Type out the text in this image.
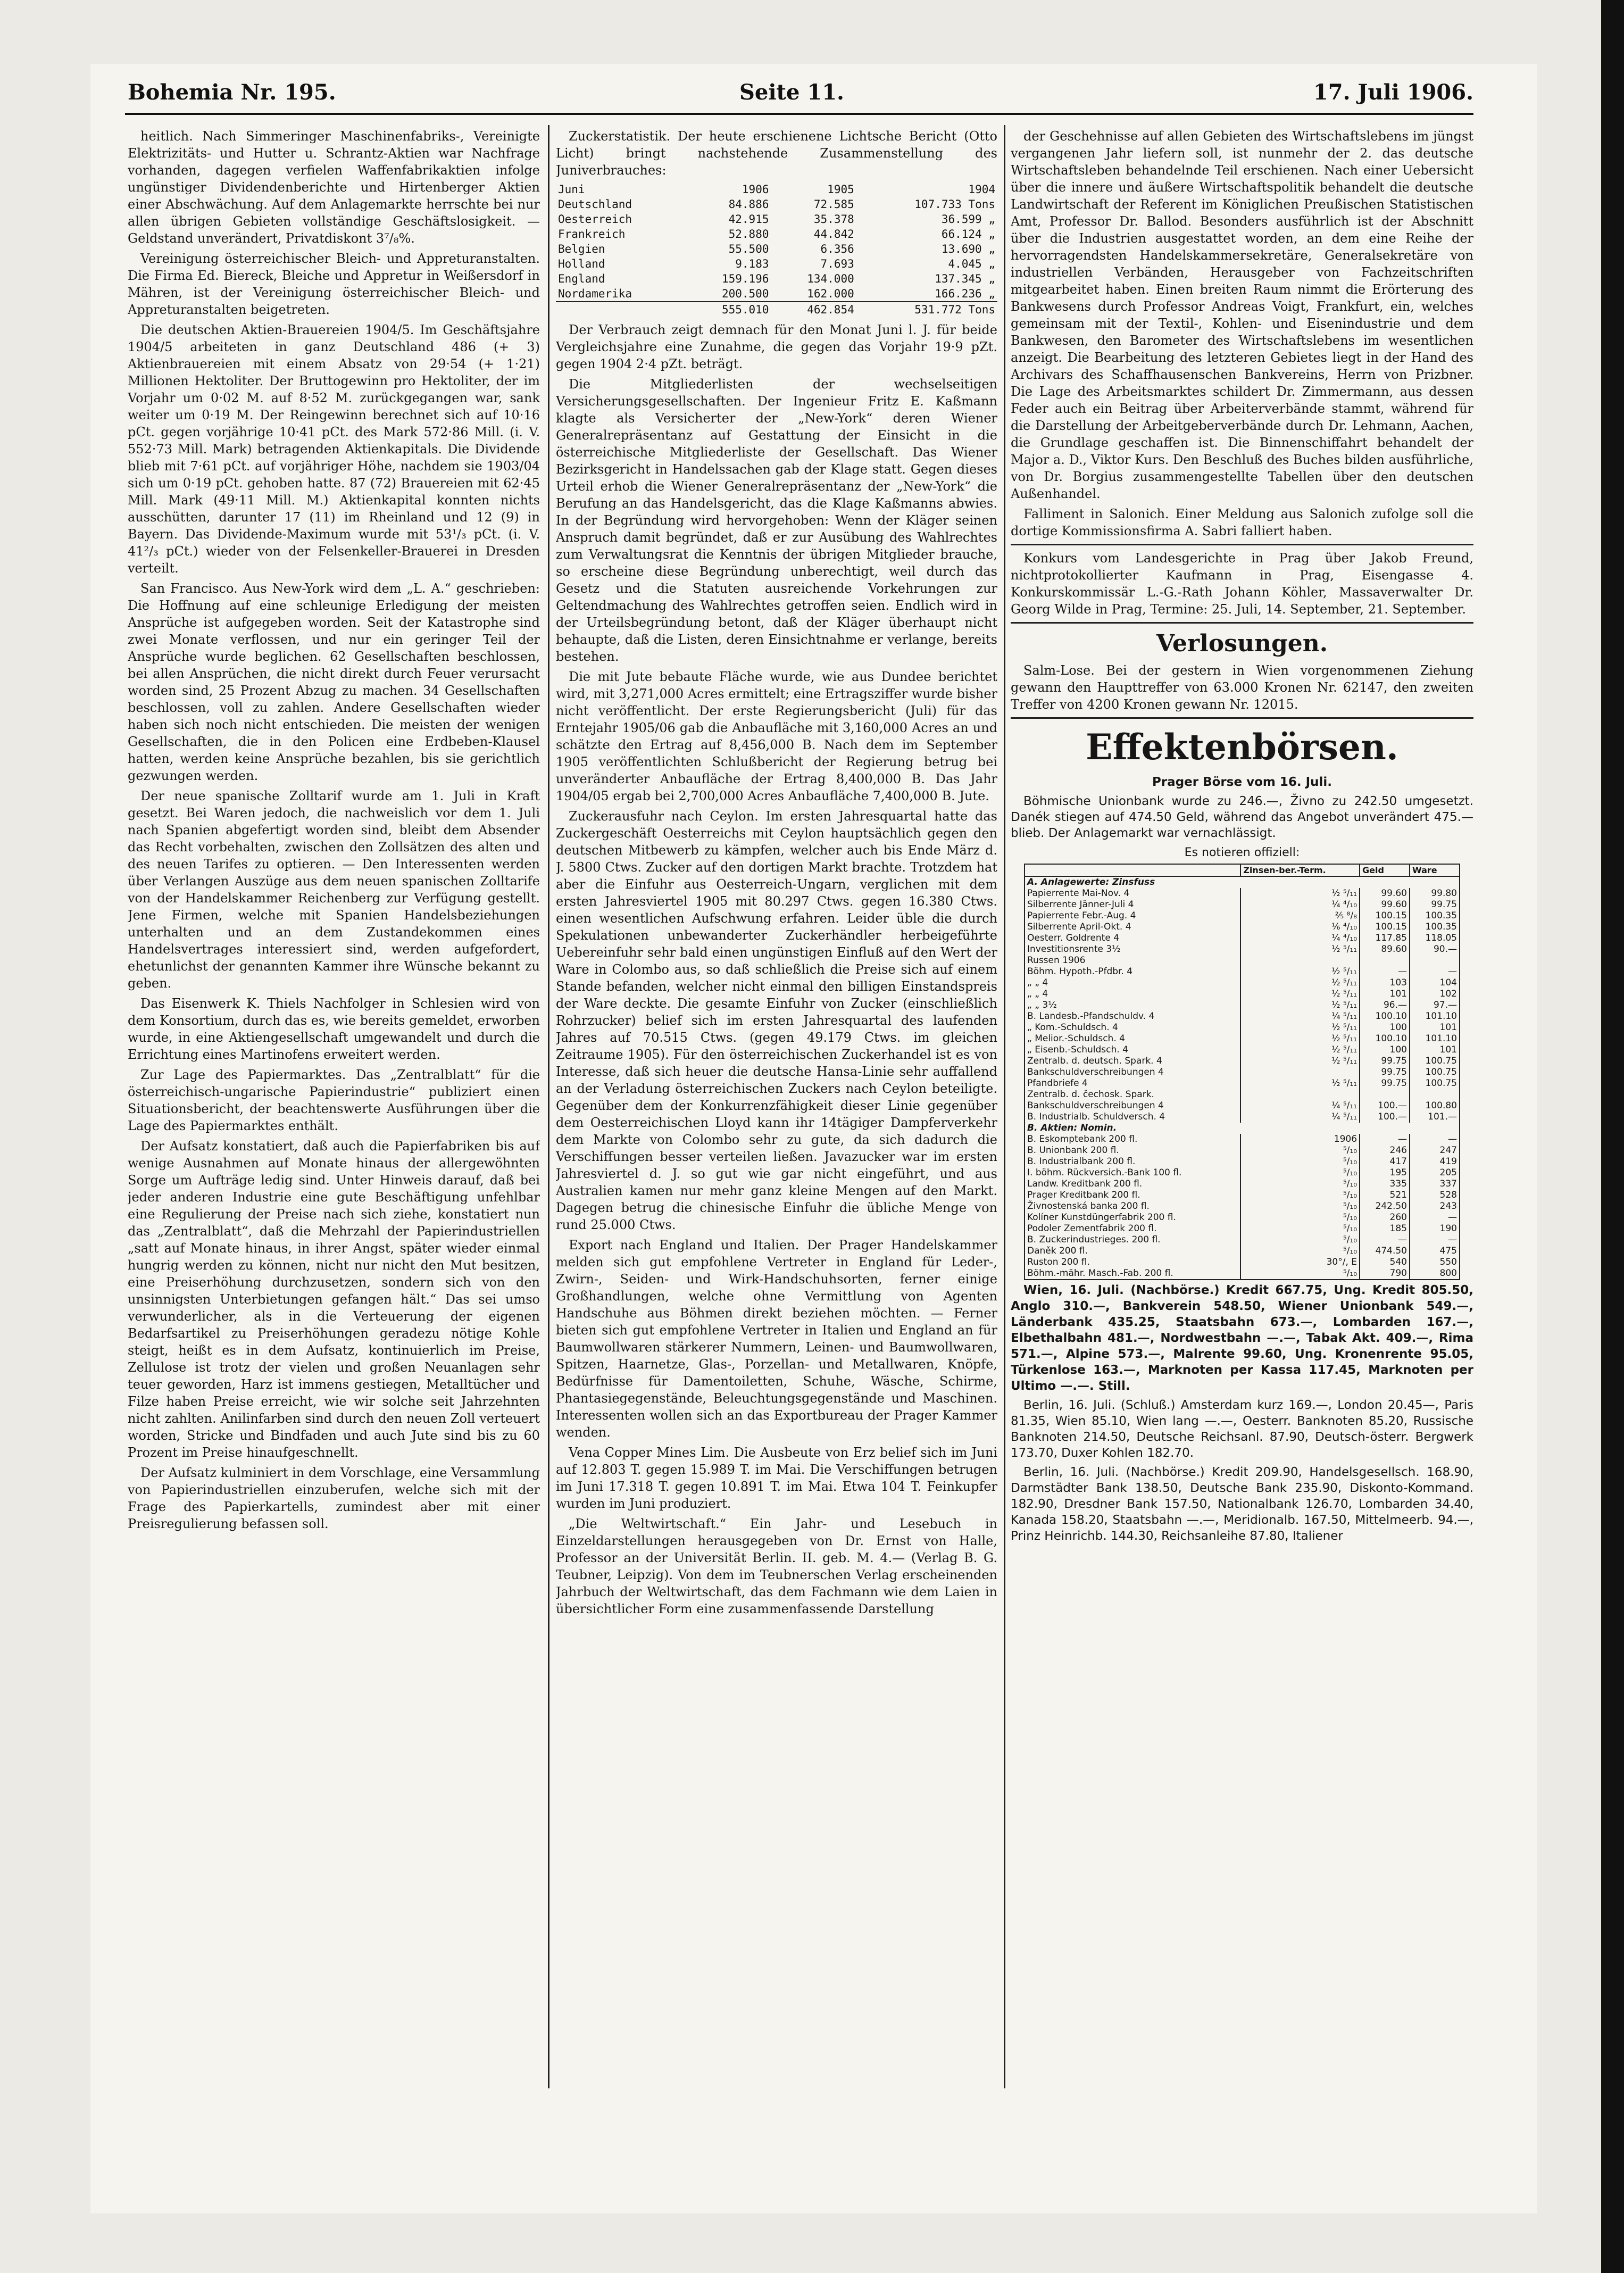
Bohemia Nr. 195.	Seite 11.	17. Juli 1906.

heitlich. Nach Simmeringer Maschinenfabriks-, Vereinigte Elektrizitäts- und Hutter u. Schrantz-Aktien war Nachfrage vorhanden, dagegen verfielen Waffenfabrikaktien infolge ungünstiger Dividendenberichte und Hirtenberger Aktien einer Abschwächung. Auf dem Anlagemarkte herrschte bei nur allen übrigen Gebieten vollständige Geschäftslosigkeit. — Geldstand unverändert, Privatdiskont 3⁷/₈%.

Vereinigung österreichischer Bleich- und Appreturanstalten. Die Firma Ed. Biereck, Bleiche und Appretur in Weißersdorf in Mähren, ist der Vereinigung österreichischer Bleich- und Appreturanstalten beigetreten.

Die deutschen Aktien-Brauereien 1904/5. Im Geschäftsjahre 1904/5 arbeiteten in ganz Deutschland 486 (+ 3) Aktienbrauereien mit einem Absatz von 29·54 (+ 1·21) Millionen Hektoliter. Der Bruttogewinn pro Hektoliter, der im Vorjahr um 0·02 M. auf 8·52 M. zurückgegangen war, sank weiter um 0·19 M. Der Reingewinn berechnet sich auf 10·16 pCt. gegen vorjährige 10·41 pCt. des Mark 572·86 Mill. (i. V. 552·73 Mill. Mark) betragenden Aktienkapitals. Die Dividende blieb mit 7·61 pCt. auf vorjähriger Höhe, nachdem sie 1903/04 sich um 0·19 pCt. gehoben hatte. 87 (72) Brauereien mit 62·45 Mill. Mark (49·11 Mill. M.) Aktienkapital konnten nichts ausschütten, darunter 17 (11) im Rheinland und 12 (9) in Bayern. Das Dividende-Maximum wurde mit 53¹/₃ pCt. (i. V. 41²/₃ pCt.) wieder von der Felsenkeller-Brauerei in Dresden verteilt.

San Francisco. Aus New-York wird dem „L. A.“ geschrieben: Die Hoffnung auf eine schleunige Erledigung der meisten Ansprüche ist aufgegeben worden. Seit der Katastrophe sind zwei Monate verflossen, und nur ein geringer Teil der Ansprüche wurde beglichen. 62 Gesellschaften beschlossen, bei allen Ansprüchen, die nicht direkt durch Feuer verursacht worden sind, 25 Prozent Abzug zu machen. 34 Gesellschaften beschlossen, voll zu zahlen. Andere Gesellschaften wieder haben sich noch nicht entschieden. Die meisten der wenigen Gesellschaften, die in den Policen eine Erdbeben-Klausel hatten, werden keine Ansprüche bezahlen, bis sie gerichtlich gezwungen werden.

Der neue spanische Zolltarif wurde am 1. Juli in Kraft gesetzt. Bei Waren jedoch, die nachweislich vor dem 1. Juli nach Spanien abgefertigt worden sind, bleibt dem Absender das Recht vorbehalten, zwischen den Zollsätzen des alten und des neuen Tarifes zu optieren. — Den Interessenten werden über Verlangen Auszüge aus dem neuen spanischen Zolltarife von der Handelskammer Reichenberg zur Verfügung gestellt. Jene Firmen, welche mit Spanien Handelsbeziehungen unterhalten und an dem Zustandekommen eines Handelsvertrages interessiert sind, werden aufgefordert, ehetunlichst der genannten Kammer ihre Wünsche bekannt zu geben.

Das Eisenwerk K. Thiels Nachfolger in Schlesien wird von dem Konsortium, durch das es, wie bereits gemeldet, erworben wurde, in eine Aktiengesellschaft umgewandelt und durch die Errichtung eines Martinofens erweitert werden.

Zur Lage des Papiermarktes. Das „Zentralblatt“ für die österreichisch-ungarische Papierindustrie“ publiziert einen Situationsbericht, der beachtenswerte Ausführungen über die Lage des Papiermarktes enthält.

Der Aufsatz konstatiert, daß auch die Papierfabriken bis auf wenige Ausnahmen auf Monate hinaus der allergewöhnten Sorge um Aufträge ledig sind. Unter Hinweis darauf, daß bei jeder anderen Industrie eine gute Beschäftigung unfehlbar eine Regulierung der Preise nach sich ziehe, konstatiert nun das „Zentralblatt“, daß die Mehrzahl der Papierindustriellen „satt auf Monate hinaus, in ihrer Angst, später wieder einmal hungrig werden zu können, nicht nur nicht den Mut besitzen, eine Preiserhöhung durchzusetzen, sondern sich von den unsinnigsten Unterbietungen gefangen hält.“ Das sei umso verwunderlicher, als in die Verteuerung der eigenen Bedarfsartikel zu Preiserhöhungen geradezu nötige Kohle steigt, heißt es in dem Aufsatz, kontinuierlich im Preise, Zellulose ist trotz der vielen und großen Neuanlagen sehr teuer geworden, Harz ist immens gestiegen, Metalltücher und Filze haben Preise erreicht, wie wir solche seit Jahrzehnten nicht zahlten. Anilinfarben sind durch den neuen Zoll verteuert worden, Stricke und Bindfaden und auch Jute sind bis zu 60 Prozent im Preise hinaufgeschnellt.

Der Aufsatz kulminiert in dem Vorschlage, eine Versammlung von Papierindustriellen einzuberufen, welche sich mit der Frage des Papierkartells, zumindest aber mit einer Preisregulierung befassen soll.

Zuckerstatistik. Der heute erschienene Lichtsche Bericht (Otto Licht) bringt nachstehende Zusammenstellung des Juniverbrauches:

Juni	1906	1905	1904
Deutschland	84.886	72.585	107.733 Tons
Oesterreich	42.915	35.378	36.599 „
Frankreich	52.880	44.842	66.124 „
Belgien	55.500	6.356	13.690 „
Holland	9.183	7.693	4.045 „
England	159.196	134.000	137.345 „
Nordamerika	200.500	162.000	166.236 „
	555.010	462.854	531.772 Tons

Der Verbrauch zeigt demnach für den Monat Juni l. J. für beide Vergleichsjahre eine Zunahme, die gegen das Vorjahr 19·9 pZt. gegen 1904 2·4 pZt. beträgt.

Die Mitgliederlisten der wechselseitigen Versicherungsgesellschaften. Der Ingenieur Fritz E. Kaßmann klagte als Versicherter der „New-York“ deren Wiener Generalrepräsentanz auf Gestattung der Einsicht in die österreichische Mitgliederliste der Gesellschaft. Das Wiener Bezirksgericht in Handelssachen gab der Klage statt. Gegen dieses Urteil erhob die Wiener Generalrepräsentanz der „New-York“ die Berufung an das Handelsgericht, das die Klage Kaßmanns abwies. In der Begründung wird hervorgehoben: Wenn der Kläger seinen Anspruch damit begründet, daß er zur Ausübung des Wahlrechtes zum Verwaltungsrat die Kenntnis der übrigen Mitglieder brauche, so erscheine diese Begründung unberechtigt, weil durch das Gesetz und die Statuten ausreichende Vorkehrungen zur Geltendmachung des Wahlrechtes getroffen seien. Endlich wird in der Urteilsbegründung betont, daß der Kläger überhaupt nicht behaupte, daß die Listen, deren Einsichtnahme er verlange, bereits bestehen.

Die mit Jute bebaute Fläche wurde, wie aus Dundee berichtet wird, mit 3,271,000 Acres ermittelt; eine Ertragsziffer wurde bisher nicht veröffentlicht. Der erste Regierungsbericht (Juli) für das Erntejahr 1905/06 gab die Anbaufläche mit 3,160,000 Acres an und schätzte den Ertrag auf 8,456,000 B. Nach dem im September 1905 veröffentlichten Schlußbericht der Regierung betrug bei unveränderter Anbaufläche der Ertrag 8,400,000 B. Das Jahr 1904/05 ergab bei 2,700,000 Acres Anbaufläche 7,400,000 B. Jute.

Zuckerausfuhr nach Ceylon. Im ersten Jahresquartal hatte das Zuckergeschäft Oesterreichs mit Ceylon hauptsächlich gegen den deutschen Mitbewerb zu kämpfen, welcher auch bis Ende März d. J. 5800 Ctws. Zucker auf den dortigen Markt brachte. Trotzdem hat aber die Einfuhr aus Oesterreich-Ungarn, verglichen mit dem ersten Jahresviertel 1905 mit 80.297 Ctws. gegen 16.380 Ctws. einen wesentlichen Aufschwung erfahren. Leider üble die durch Spekulationen unbewanderter Zuckerhändler herbeigeführte Uebereinfuhr sehr bald einen ungünstigen Einfluß auf den Wert der Ware in Colombo aus, so daß schließlich die Preise sich auf einem Stande befanden, welcher nicht einmal den billigen Einstandspreis der Ware deckte. Die gesamte Einfuhr von Zucker (einschließlich Rohrzucker) belief sich im ersten Jahresquartal des laufenden Jahres auf 70.515 Ctws. (gegen 49.179 Ctws. im gleichen Zeitraume 1905). Für den österreichischen Zuckerhandel ist es von Interesse, daß sich heuer die deutsche Hansa-Linie sehr auffallend an der Verladung österreichischen Zuckers nach Ceylon beteiligte. Gegenüber dem der Konkurrenzfähigkeit dieser Linie gegenüber dem Oesterreichischen Lloyd kann ihr 14tägiger Dampferverkehr dem Markte von Colombo sehr zu gute, da sich dadurch die Verschiffungen besser verteilen ließen. Javazucker war im ersten Jahresviertel d. J. so gut wie gar nicht eingeführt, und aus Australien kamen nur mehr ganz kleine Mengen auf den Markt. Dagegen betrug die chinesische Einfuhr die übliche Menge von rund 25.000 Ctws.

Export nach England und Italien. Der Prager Handelskammer melden sich gut empfohlene Vertreter in England für Leder-, Zwirn-, Seiden- und Wirk-Handschuhsorten, ferner einige Großhandlungen, welche ohne Vermittlung von Agenten Handschuhe aus Böhmen direkt beziehen möchten. — Ferner bieten sich gut empfohlene Vertreter in Italien und England an für Baumwollwaren stärkerer Nummern, Leinen- und Baumwollwaren, Spitzen, Haarnetze, Glas-, Porzellan- und Metallwaren, Knöpfe, Bedürfnisse für Damentoiletten, Schuhe, Wäsche, Schirme, Phantasiegegenstände, Beleuchtungsgegenstände und Maschinen. Interessenten wollen sich an das Exportbureau der Prager Kammer wenden.

Vena Copper Mines Lim. Die Ausbeute von Erz belief sich im Juni auf 12.803 T. gegen 15.989 T. im Mai. Die Verschiffungen betrugen im Juni 17.318 T. gegen 10.891 T. im Mai. Etwa 104 T. Feinkupfer wurden im Juni produziert.

„Die Weltwirtschaft.“ Ein Jahr- und Lesebuch in Einzeldarstellungen herausgegeben von Dr. Ernst von Halle, Professor an der Universität Berlin. II. geb. M. 4.— (Verlag B. G. Teubner, Leipzig). Von dem im Teubnerschen Verlag erscheinenden Jahrbuch der Weltwirtschaft, das dem Fachmann wie dem Laien in übersichtlicher Form eine zusammenfassende Darstellung

der Geschehnisse auf allen Gebieten des Wirtschaftslebens im jüngst vergangenen Jahr liefern soll, ist nunmehr der 2. das deutsche Wirtschaftsleben behandelnde Teil erschienen. Nach einer Uebersicht über die innere und äußere Wirtschaftspolitik behandelt die deutsche Landwirtschaft der Referent im Königlichen Preußischen Statistischen Amt, Professor Dr. Ballod. Besonders ausführlich ist der Abschnitt über die Industrien ausgestattet worden, an dem eine Reihe der hervorragendsten Handelskammersekretäre, Generalsekretäre von industriellen Verbänden, Herausgeber von Fachzeitschriften mitgearbeitet haben. Einen breiten Raum nimmt die Erörterung des Bankwesens durch Professor Andreas Voigt, Frankfurt, ein, welches gemeinsam mit der Textil-, Kohlen- und Eisenindustrie und dem Bankwesen, den Barometer des Wirtschaftslebens im wesentlichen anzeigt. Die Bearbeitung des letzteren Gebietes liegt in der Hand des Archivars des Schaffhausenschen Bankvereins, Herrn von Prizbner. Die Lage des Arbeitsmarktes schildert Dr. Zimmermann, aus dessen Feder auch ein Beitrag über Arbeiterverbände stammt, während für die Darstellung der Arbeitgeberverbände durch Dr. Lehmann, Aachen, die Grundlage geschaffen ist. Die Binnenschiffahrt behandelt der Major a. D., Viktor Kurs. Den Beschluß des Buches bilden ausführliche, von Dr. Borgius zusammengestellte Tabellen über den deutschen Außenhandel.

Falliment in Salonich. Einer Meldung aus Salonich zufolge soll die dortige Kommissionsfirma A. Sabri falliert haben.

Konkurs vom Landesgerichte in Prag über Jakob Freund, nichtprotokollierter Kaufmann in Prag, Eisengasse 4. Konkurskommissär L.-G.-Rath Johann Köhler, Massaverwalter Dr. Georg Wilde in Prag, Termine: 25. Juli, 14. September, 21. September.

Verlosungen.

Salm-Lose. Bei der gestern in Wien vorgenommenen Ziehung gewann den Haupttreffer von 63.000 Kronen Nr. 62147, den zweiten Treffer von 4200 Kronen gewann Nr. 12015.

Effektenbörsen.

Prager Börse vom 16. Juli.

Böhmische Unionbank wurde zu 246.—, Živno zu 242.50 umgesetzt. Danék stiegen auf 474.50 Geld, während das Angebot unverändert 475.— blieb. Der Anlagemarkt war vernachlässigt.

Es notieren offiziell:

	Zinsen-ber.-Term.	Geld	Ware
A. Anlagewerte: Zinsfuss			
Papierrente Mai-Nov. 4	½ ⁵/₁₁	99.60	99.80
Silberrente Jänner-Juli 4	¼ ⁴/₁₀	99.60	99.75
Papierrente Febr.-Aug. 4	⅖ ⁸/₈	100.15	100.35
Silberrente April-Okt. 4	⅙ ⁴/₁₀	100.15	100.35
Oesterr. Goldrente 4	¼ ⁴/₁₀	117.85	118.05
Investitionsrente 3½	½ ⁵/₁₁	89.60	90.—
Russen 1906			
Böhm. Hypoth.-Pfdbr. 4	½ ⁵/₁₁	—	—
„ „ 4	½ ⁵/₁₁	103	104
„ „ 4	½ ⁵/₁₁	101	102
„ „ 3½	½ ⁵/₁₁	96.—	97.—
B. Landesb.-Pfandschuldv. 4	¼ ⁵/₁₁	100.10	101.10
„ Kom.-Schuldsch. 4	½ ⁵/₁₁	100	101
„ Melior.-Schuldsch. 4	½ ⁵/₁₁	100.10	101.10
„ Eisenb.-Schuldsch. 4	½ ⁵/₁₁	100	101
Zentralb. d. deutsch. Spark. 4	½ ⁵/₁₁	99.75	100.75
Bankschuldverschreibungen 4		99.75	100.75
Pfandbriefe 4	½ ⁵/₁₁	99.75	100.75
Zentralb. d. čechosk. Spark.			
Bankschuldverschreibungen 4	¼ ⁵/₁₁	100.—	100.80
B. Industrialb. Schuldversch. 4	¼ ⁵/₁₁	100.—	101.—
B. Aktien: Nomin.			
B. Eskomptebank 200 fl.	1906	—	—
B. Unionbank 200 fl.	⁵/₁₀	246	247
B. Industrialbank 200 fl.	⁵/₁₀	417	419
I. böhm. Rückversich.-Bank 100 fl.	⁵/₁₀	195	205
Landw. Kreditbank 200 fl.	⁵/₁₀	335	337
Prager Kreditbank 200 fl.	⁵/₁₀	521	528
Živnostenská banka 200 fl.	⁵/₁₀	242.50	243
Kolíner Kunstdüngerfabrik 200 fl.	⁵/₁₀	260	—
Podoler Zementfabrik 200 fl.	⁵/₁₀	185	190
B. Zuckerindustrieges. 200 fl.	⁵/₁₀	—	—
Daněk 200 fl.	⁵/₁₀	474.50	475
Ruston 200 fl.	30°/, E	540	550
Böhm.-mähr. Masch.-Fab. 200 fl.	⁵/₁₀	790	800

Wien, 16. Juli. (Nachbörse.) Kredit 667.75, Ung. Kredit 805.50, Anglo 310.—, Bankverein 548.50, Wiener Unionbank 549.—, Länderbank 435.25, Staatsbahn 673.—, Lombarden 167.—, Elbethalbahn 481.—, Nordwestbahn —.—, Tabak Akt. 409.—, Rima 571.—, Alpine 573.—, Malrente 99.60, Ung. Kronenrente 95.05, Türkenlose 163.—, Marknoten per Kassa 117.45, Marknoten per Ultimo —.—. Still.

Berlin, 16. Juli. (Schluß.) Amsterdam kurz 169.—, London 20.45—, Paris 81.35, Wien 85.10, Wien lang —.—, Oesterr. Banknoten 85.20, Russische Banknoten 214.50, Deutsche Reichsanl. 87.90, Deutsch-österr. Bergwerk 173.70, Duxer Kohlen 182.70.

Berlin, 16. Juli. (Nachbörse.) Kredit 209.90, Handelsgesellsch. 168.90, Darmstädter Bank 138.50, Deutsche Bank 235.90, Diskonto-Kommand. 182.90, Dresdner Bank 157.50, Nationalbank 126.70, Lombarden 34.40, Kanada 158.20, Staatsbahn —.—, Meridionalb. 167.50, Mittelmeerb. 94.—, Prinz Heinrichb. 144.30, Reichsanleihe 87.80, Italiener
